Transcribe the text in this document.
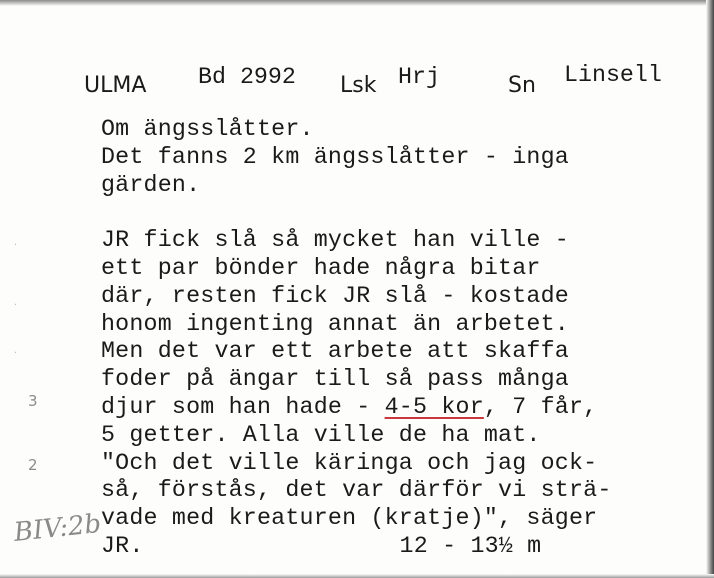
ULMA Bd 2992 Lsk Hrj	Sn Linsell
Om ängsslåtter.
Det fanns 2 km ängsslåtter - inga
gärden.
JR fick slå så mycket han ville -
ett par bönder hade några bitar
där, resten fick JR slå - kostade
honom ingenting annat än arbetet.
Men det var ett arbete att skaffa
foder på ängar till så pass många
djur som han hade - 4-5 kor, 7 får,
5 getter. Alla ville de ha mat.
"Och det ville käringa och jag ock-
så, förstås, det var därför vi strä-
vade med kreaturen (kratje)", säger
JR.	12 - 13½ m
3
2
·
·
·
BIV:2b
